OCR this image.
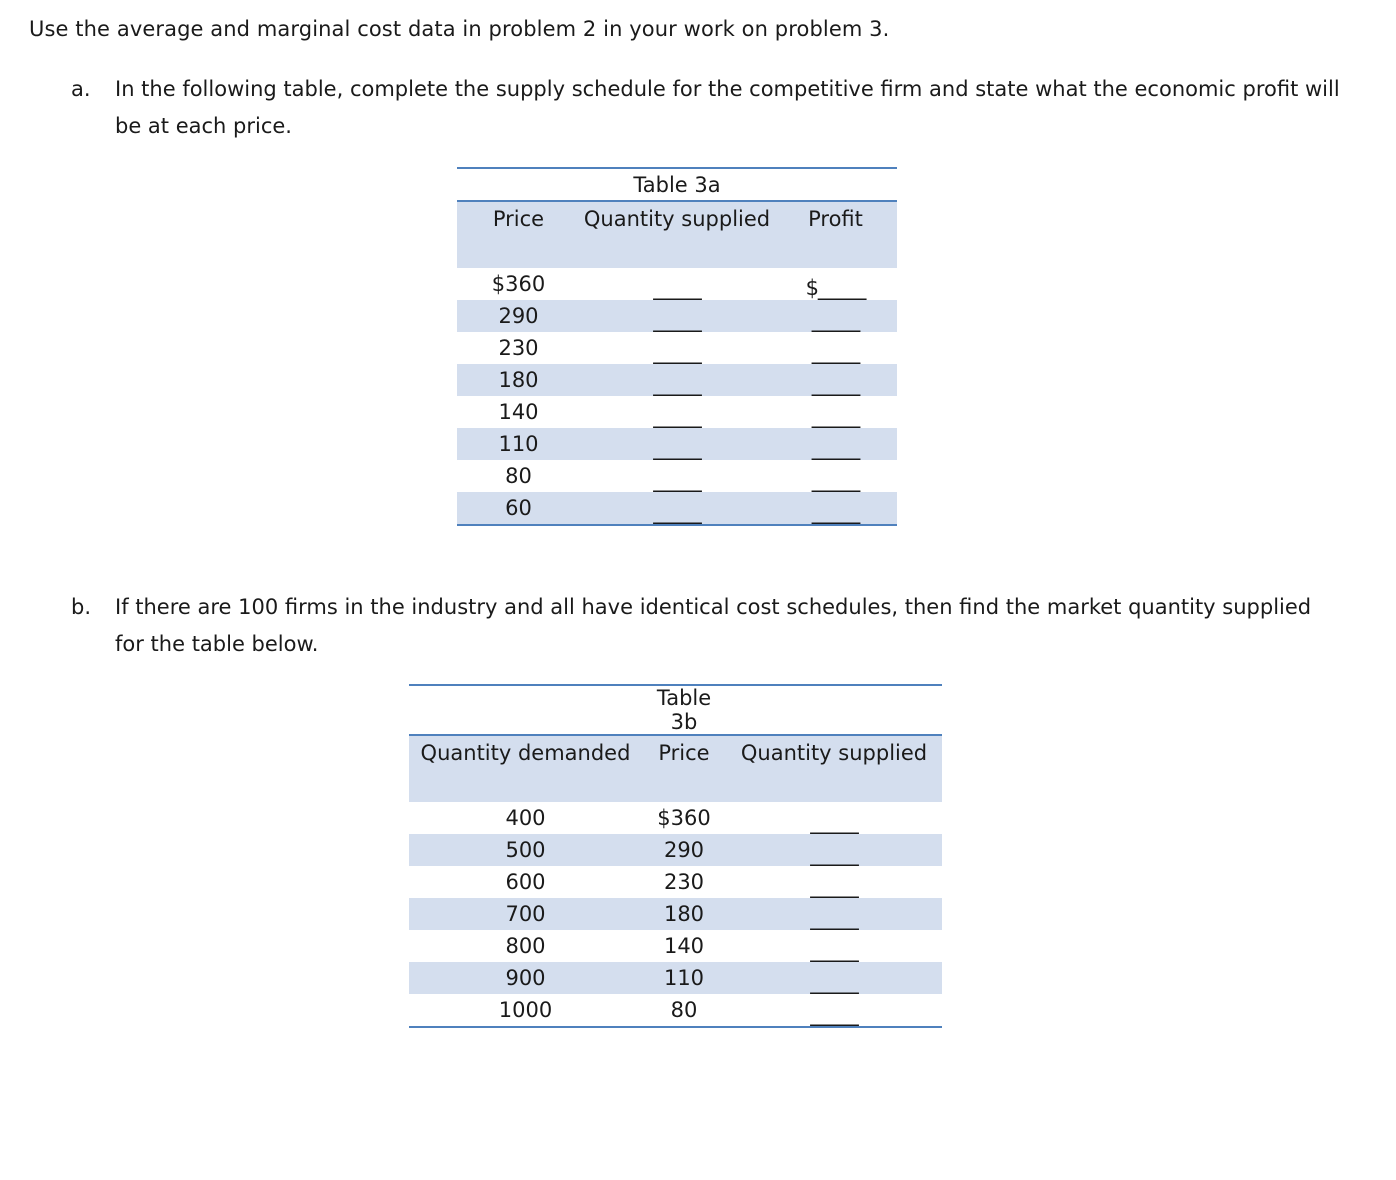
Use the average and marginal cost data in problem 2 in your work on problem 3.
a. In the following table, complete the supply schedule for the competitive firm and state what the economic profit will be at each price.
	Table 3a	
Price	Quantity supplied	Profit
$360	_____	$_____
290	_____	_____
230	_____	_____
180	_____	_____
140	_____	_____
110	_____	_____
80	_____	_____
60	_____	_____
b. If there are 100 firms in the industry and all have identical cost schedules, then find the market quantity supplied for the table below.
	Table 3b	
Quantity demanded	Price	Quantity supplied
400	$360	_____
500	290	_____
600	230	_____
700	180	_____
800	140	_____
900	110	_____
1000	80	_____
